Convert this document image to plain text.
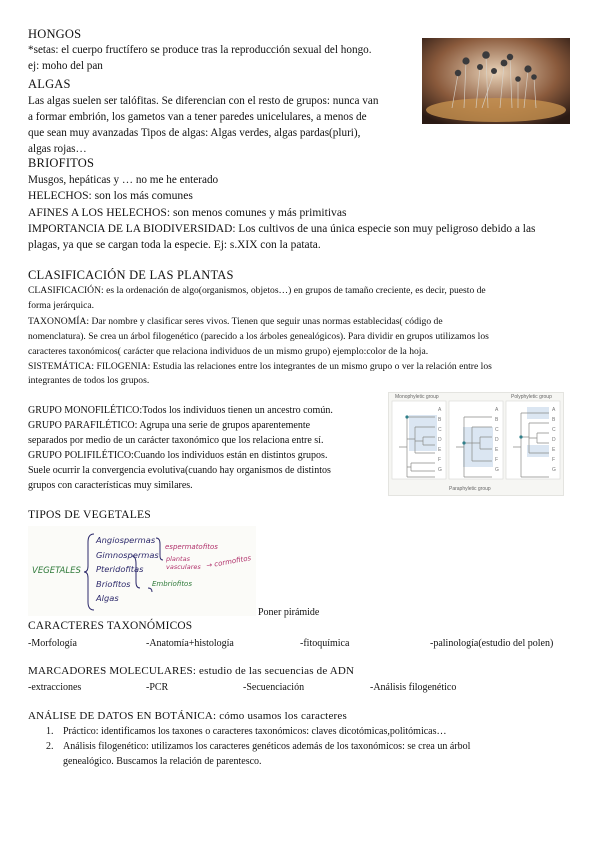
HONGOS
*setas: el cuerpo fructífero se produce tras la reproducción sexual del hongo.
ej: moho del pan
ALGAS
Las algas suelen ser talófitas. Se diferencian con el resto de grupos: nunca van
a formar embrión, los gametos van a tener paredes unicelulares, a menos de
que sean muy avanzadas Tipos de algas: Algas verdes, algas pardas(pluri),
algas rojas…
BRIOFITOS
Musgos, hepáticas y … no me he enterado
HELECHOS: son los más comunes
AFINES A LOS HELECHOS: son menos comunes y más primitivas
IMPORTANCIA DE LA BIODIVERSIDAD: Los cultivos de una única especie son muy peligroso debido a las
plagas, ya que se cargan toda la especie. Ej: s.XIX con la patata.
CLASIFICACIÓN DE LAS PLANTAS
CLASIFICACIÓN: es la ordenación de algo(organismos, objetos…) en grupos de tamaño creciente, es decir, puesto de
forma jerárquica.
TAXONOMÍA: Dar nombre y clasificar seres vivos. Tienen que seguir unas normas establecidas( código de
nomenclatura). Se crea un árbol filogenético (parecido a los árboles genealógicos). Para dividir en grupos utilizamos los
caracteres taxonómicos( carácter que relaciona individuos de un mismo grupo) ejemplo:color de la hoja.
SISTEMÁTICA: FILOGENIA: Estudia las relaciones entre los integrantes de un mismo grupo o ver la relación entre los
integrantes de todos los grupos.
GRUPO MONOFILÉTICO:Todos los individuos tienen un ancestro común.
GRUPO PARAFILÉTICO: Agrupa una serie de grupos aparentemente
separados por medio de un carácter taxonómico que los relaciona entre sí.
GRUPO POLIFILÉTICO:Cuando los individuos están en distintos grupos.
Suele ocurrir la convergencia evolutiva(cuando hay organismos de distintos
grupos con características muy similares.
Monophyletic group	Polyphyletic group
Paraphyletic group
A
B
C
D
E
F
G
A
B
C
D
E
F
G
A
B
C
D
E
F
G
TIPOS DE VEGETALES
VEGETALES
Angiospermas
Gimnospermas
Pteridofitas
Briofitos
Algas
espermatofitos
plantas vasculares → cormofitos
Embriofitos
Poner pirámide
CARACTERES TAXONÓMICOS
-Morfología	-Anatomía+histología	-fitoquímica	-palinología(estudio del polen)
MARCADORES MOLECULARES: estudio de las secuencias de ADN
-extracciones	-PCR	-Secuenciación	-Análisis filogenético
ANÁLISE DE DATOS EN BOTÁNICA: cómo usamos los caracteres
1. Práctico: identificamos los taxones o caracteres taxonómicos: claves dicotómicas,politómicas…
2. Análisis filogenético: utilizamos los caracteres genéticos además de los taxonómicos: se crea un árbol
genealógico. Buscamos la relación de parentesco.
